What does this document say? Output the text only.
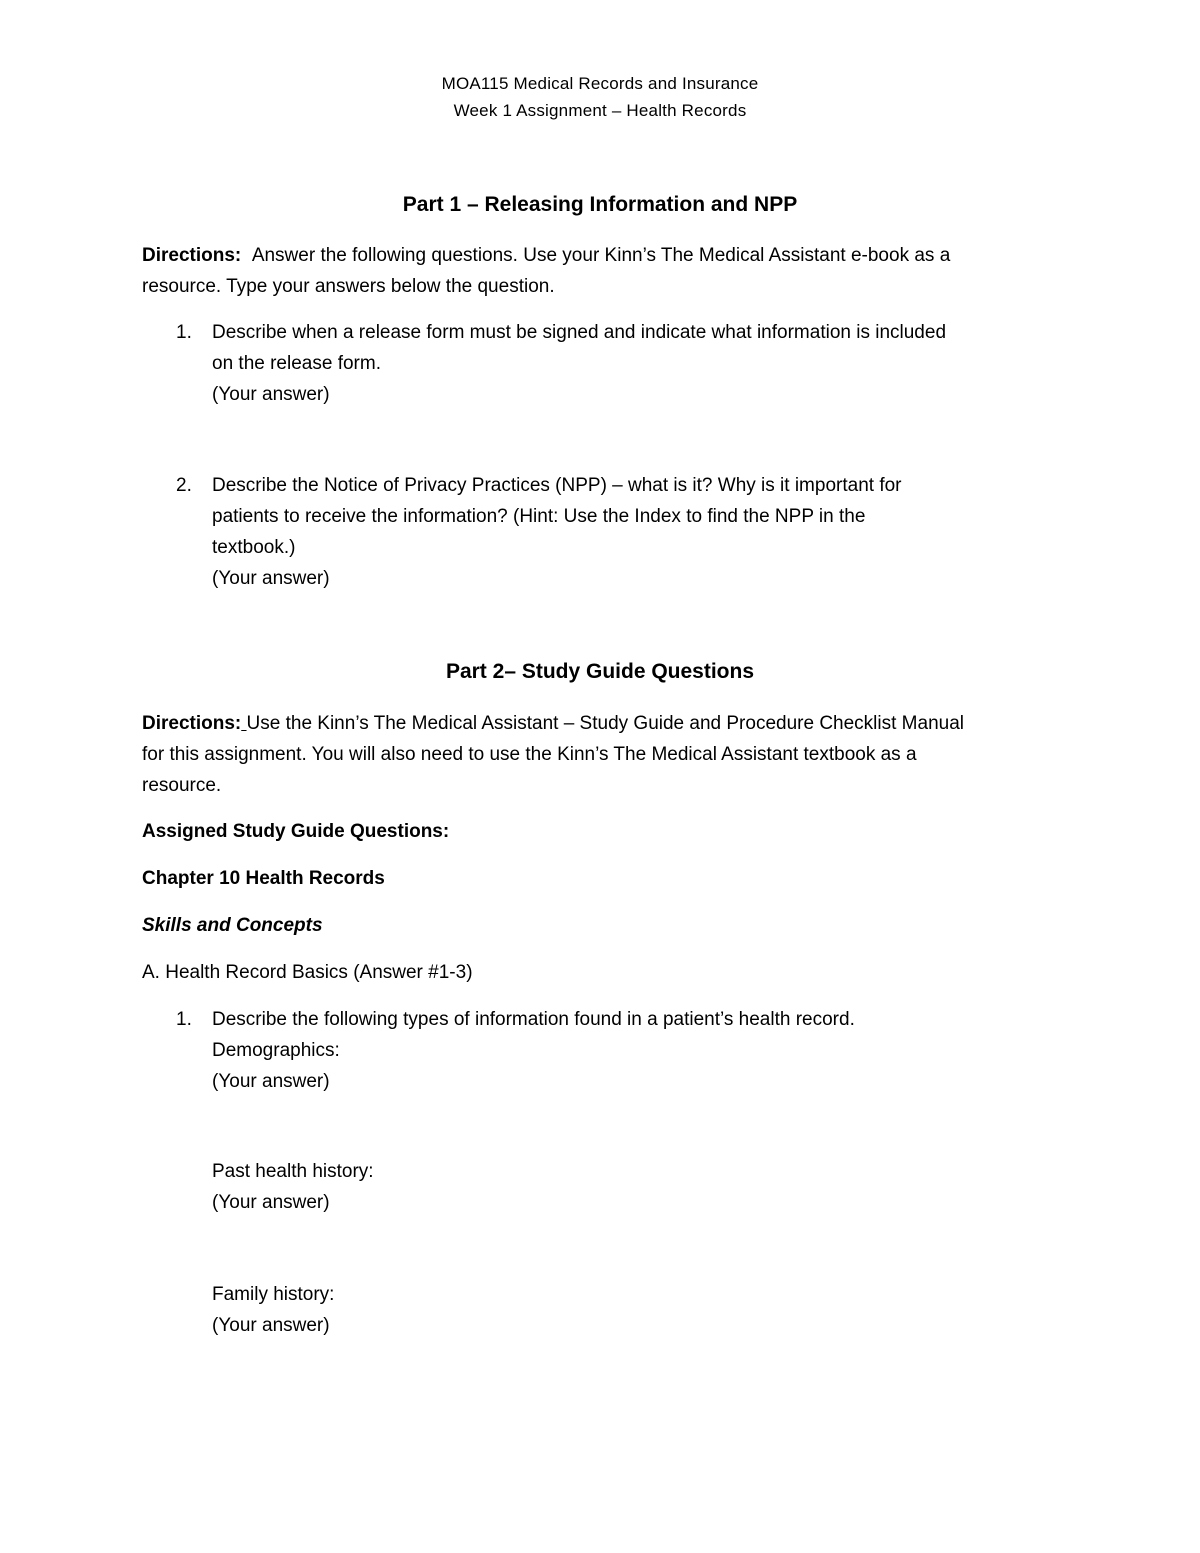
MOA115 Medical Records and Insurance
Week 1 Assignment – Health Records
Part 1 – Releasing Information and NPP
Directions: Answer the following questions. Use your Kinn’s The Medical Assistant e-book as a
resource. Type your answers below the question.
1. Describe when a release form must be signed and indicate what information is included
on the release form.
(Your answer)
2. Describe the Notice of Privacy Practices (NPP) – what is it? Why is it important for
patients to receive the information? (Hint: Use the Index to find the NPP in the
textbook.)
(Your answer)
Part 2– Study Guide Questions
Directions: Use the Kinn’s The Medical Assistant – Study Guide and Procedure Checklist Manual
for this assignment. You will also need to use the Kinn’s The Medical Assistant textbook as a
resource.
Assigned Study Guide Questions:
Chapter 10 Health Records
Skills and Concepts
A. Health Record Basics (Answer #1-3)
1. Describe the following types of information found in a patient’s health record.
Demographics:
(Your answer)
Past health history:
(Your answer)
Family history:
(Your answer)
